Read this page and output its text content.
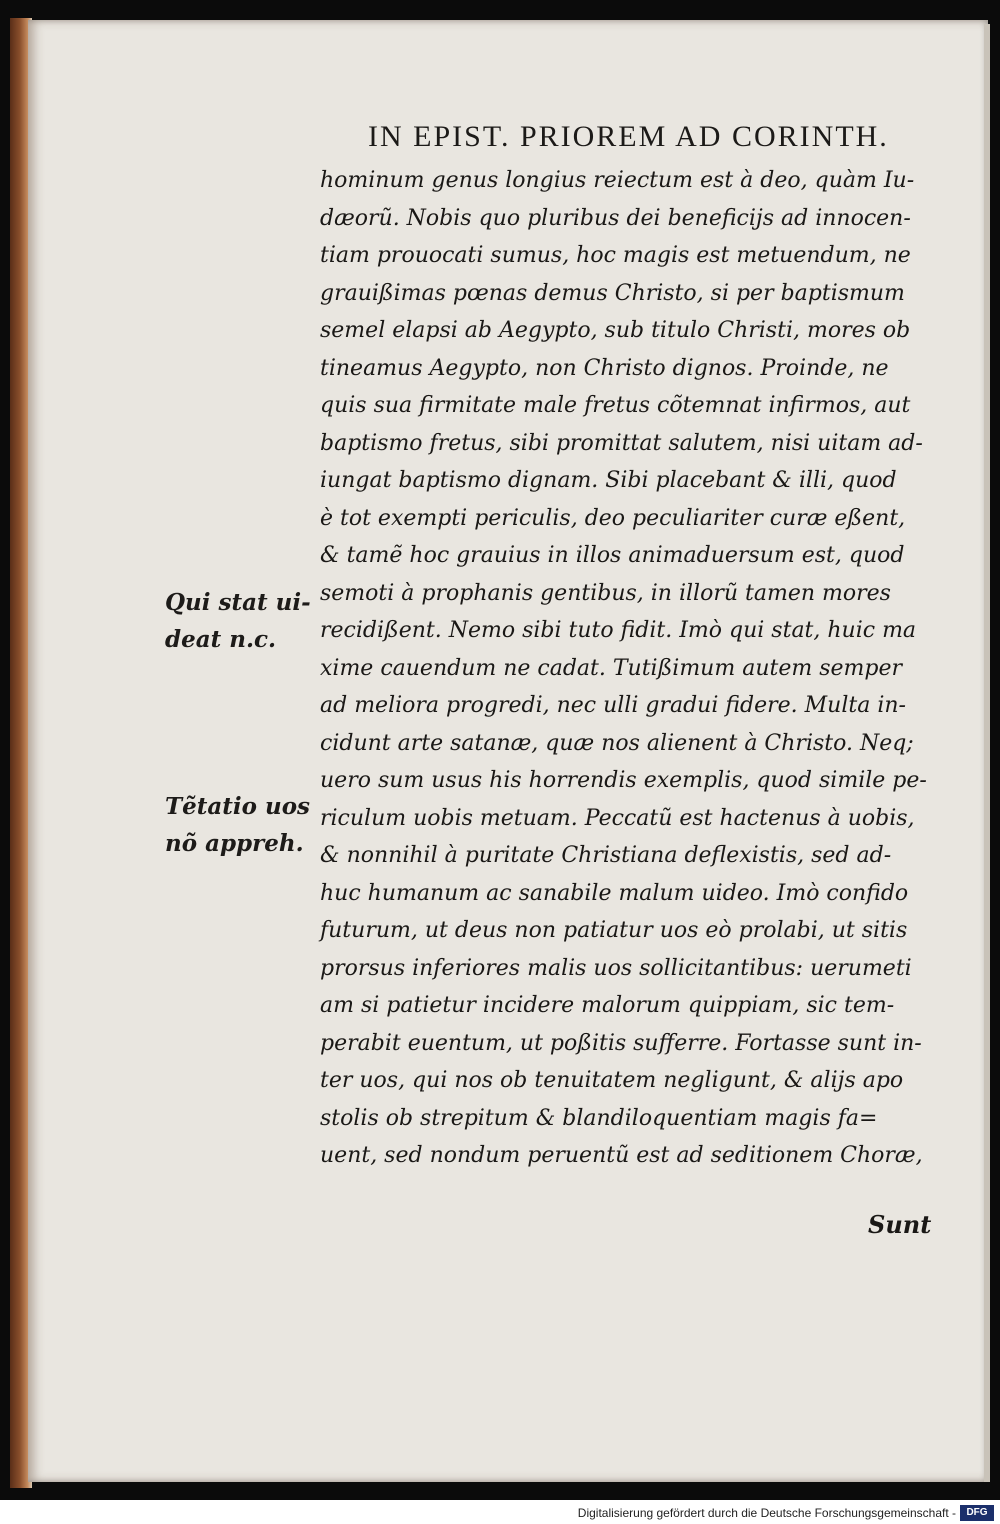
IN EPIST. PRIOREM AD CORINTH.
hominum genus longius reiectum est à deo, quàm Iu-
dæorũ. Nobis quo pluribus dei beneficijs ad innocen-
tiam prouocati sumus, hoc magis est metuendum, ne
grauißimas pœnas demus Christo, si per baptismum
semel elapsi ab Aegypto, sub titulo Christi, mores ob
tineamus Aegypto, non Christo dignos. Proinde, ne
quis sua firmitate male fretus cõtemnat infirmos, aut
baptismo fretus, sibi promittat salutem, nisi uitam ad-
iungat baptismo dignam. Sibi placebant & illi, quod
è tot exempti periculis, deo peculiariter curæ eßent,
& tamẽ hoc grauius in illos animaduersum est, quod
semoti à prophanis gentibus, in illorũ tamen mores
recidißent. Nemo sibi tuto fidit. Imò qui stat, huic ma
xime cauendum ne cadat. Tutißimum autem semper
ad meliora progredi, nec ulli gradui fidere. Multa in-
cidunt arte satanæ, quæ nos alienent à Christo. Neq;
uero sum usus his horrendis exemplis, quod simile pe-
riculum uobis metuam. Peccatũ est hactenus à uobis,
& nonnihil à puritate Christiana deflexistis, sed ad-
huc humanum ac sanabile malum uideo. Imò confido
futurum, ut deus non patiatur uos eò prolabi, ut sitis
prorsus inferiores malis uos sollicitantibus: uerumeti
am si patietur incidere malorum quippiam, sic tem-
perabit euentum, ut poßitis sufferre. Fortasse sunt in-
ter uos, qui nos ob tenuitatem negligunt, & alijs apo
stolis ob strepitum & blandiloquentiam magis fa=
uent, sed nondum peruentũ est ad seditionem Choræ,
Sunt
Qui stat ui-
deat n.c.
Tẽtatio uos
nõ appreh.
Digitalisierung gefördert durch die Deutsche Forschungsgemeinschaft -	DFG
